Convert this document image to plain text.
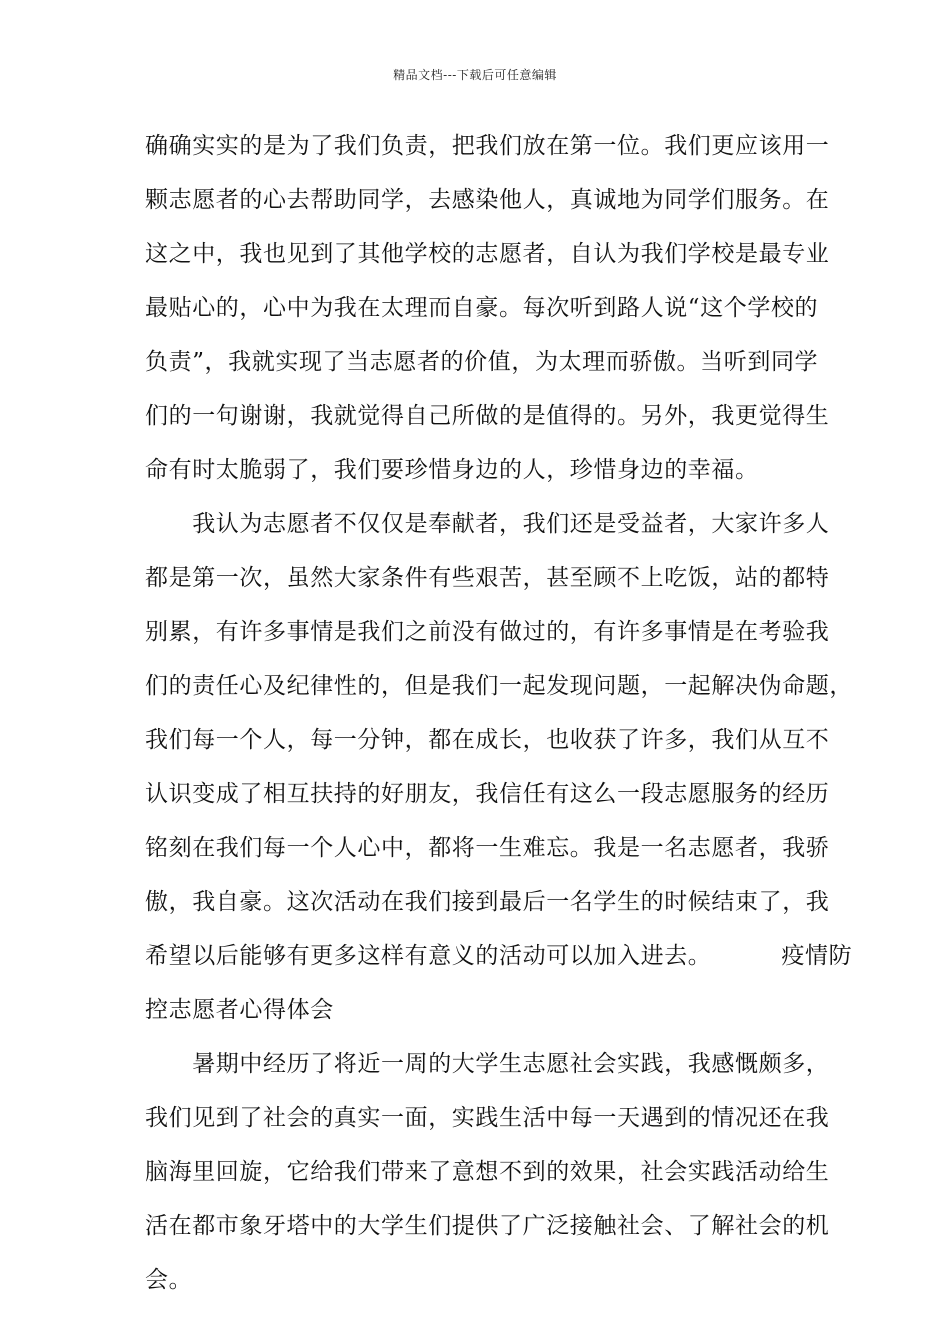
精品文档---下载后可任意编辑
确确实实的是为了我们负责，把我们放在第一位。我们更应该用一
颗志愿者的心去帮助同学，去感染他人，真诚地为同学们服务。在
这之中，我也见到了其他学校的志愿者，自认为我们学校是最专业
最贴心的，心中为我在太理而自豪。每次听到路人说“这个学校的
负责”，我就实现了当志愿者的价值，为太理而骄傲。当听到同学
们的一句谢谢，我就觉得自己所做的是值得的。另外，我更觉得生
命有时太脆弱了，我们要珍惜身边的人，珍惜身边的幸福。
　　我认为志愿者不仅仅是奉献者，我们还是受益者，大家许多人
都是第一次，虽然大家条件有些艰苦，甚至顾不上吃饭，站的都特
别累，有许多事情是我们之前没有做过的，有许多事情是在考验我
们的责任心及纪律性的，但是我们一起发现问题，一起解决伪命题，
我们每一个人，每一分钟，都在成长，也收获了许多，我们从互不
认识变成了相互扶持的好朋友，我信任有这么一段志愿服务的经历
铭刻在我们每一个人心中，都将一生难忘。我是一名志愿者，我骄
傲，我自豪。这次活动在我们接到最后一名学生的时候结束了，我
希望以后能够有更多这样有意义的活动可以加入进去。	疫情防
控志愿者心得体会
　　暑期中经历了将近一周的大学生志愿社会实践，我感慨颇多，
我们见到了社会的真实一面，实践生活中每一天遇到的情况还在我
脑海里回旋，它给我们带来了意想不到的效果，社会实践活动给生
活在都市象牙塔中的大学生们提供了广泛接触社会、了解社会的机
会。
